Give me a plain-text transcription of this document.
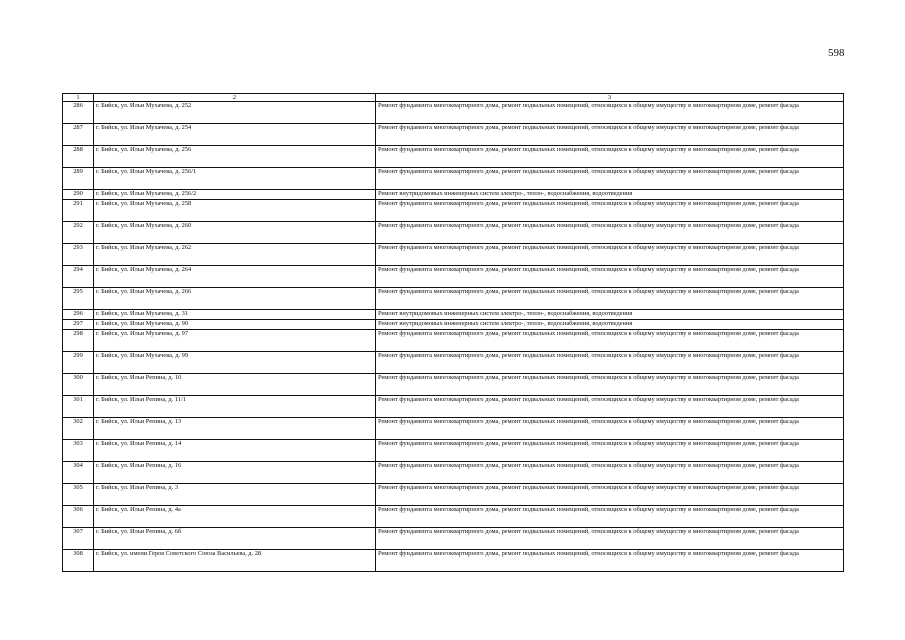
598
1	2	3
286	г. Бийск, ул. Ильи Мухачева, д. 252	Ремонт фундамента многоквартирного дома, ремонт подвальных помещений, относящихся к общему имуществу в многоквартирном доме, ремонт фасада
287	г. Бийск, ул. Ильи Мухачева, д. 254	Ремонт фундамента многоквартирного дома, ремонт подвальных помещений, относящихся к общему имуществу в многоквартирном доме, ремонт фасада
288	г. Бийск, ул. Ильи Мухачева, д. 256	Ремонт фундамента многоквартирного дома, ремонт подвальных помещений, относящихся к общему имуществу в многоквартирном доме, ремонт фасада
289	г. Бийск, ул. Ильи Мухачева, д. 256/1	Ремонт фундамента многоквартирного дома, ремонт подвальных помещений, относящихся к общему имуществу в многоквартирном доме, ремонт фасада
290	г. Бийск, ул. Ильи Мухачева, д. 256/2	Ремонт внутридомовых инженерных систем электро-, тепло-, водоснабжения, водоотведения
291	г. Бийск, ул. Ильи Мухачева, д. 258	Ремонт фундамента многоквартирного дома, ремонт подвальных помещений, относящихся к общему имуществу в многоквартирном доме, ремонт фасада
292	г. Бийск, ул. Ильи Мухачева, д. 260	Ремонт фундамента многоквартирного дома, ремонт подвальных помещений, относящихся к общему имуществу в многоквартирном доме, ремонт фасада
293	г. Бийск, ул. Ильи Мухачева, д. 262	Ремонт фундамента многоквартирного дома, ремонт подвальных помещений, относящихся к общему имуществу в многоквартирном доме, ремонт фасада
294	г. Бийск, ул. Ильи Мухачева, д. 264	Ремонт фундамента многоквартирного дома, ремонт подвальных помещений, относящихся к общему имуществу в многоквартирном доме, ремонт фасада
295	г. Бийск, ул. Ильи Мухачева, д. 266	Ремонт фундамента многоквартирного дома, ремонт подвальных помещений, относящихся к общему имуществу в многоквартирном доме, ремонт фасада
296	г. Бийск, ул. Ильи Мухачева, д. 31	Ремонт внутридомовых инженерных систем электро-, тепло-, водоснабжения, водоотведения
297	г. Бийск, ул. Ильи Мухачева, д. 90	Ремонт внутридомовых инженерных систем электро-, тепло-, водоснабжения, водоотведения
298	г. Бийск, ул. Ильи Мухачева, д. 97	Ремонт фундамента многоквартирного дома, ремонт подвальных помещений, относящихся к общему имуществу в многоквартирном доме, ремонт фасада
299	г. Бийск, ул. Ильи Мухачева, д. 99	Ремонт фундамента многоквартирного дома, ремонт подвальных помещений, относящихся к общему имуществу в многоквартирном доме, ремонт фасада
300	г. Бийск, ул. Ильи Репина, д. 10	Ремонт фундамента многоквартирного дома, ремонт подвальных помещений, относящихся к общему имуществу в многоквартирном доме, ремонт фасада
301	г. Бийск, ул. Ильи Репина, д. 11/1	Ремонт фундамента многоквартирного дома, ремонт подвальных помещений, относящихся к общему имуществу в многоквартирном доме, ремонт фасада
302	г. Бийск, ул. Ильи Репина, д. 13	Ремонт фундамента многоквартирного дома, ремонт подвальных помещений, относящихся к общему имуществу в многоквартирном доме, ремонт фасада
303	г. Бийск, ул. Ильи Репина, д. 14	Ремонт фундамента многоквартирного дома, ремонт подвальных помещений, относящихся к общему имуществу в многоквартирном доме, ремонт фасада
304	г. Бийск, ул. Ильи Репина, д. 16	Ремонт фундамента многоквартирного дома, ремонт подвальных помещений, относящихся к общему имуществу в многоквартирном доме, ремонт фасада
305	г. Бийск, ул. Ильи Репина, д. 3	Ремонт фундамента многоквартирного дома, ремонт подвальных помещений, относящихся к общему имуществу в многоквартирном доме, ремонт фасада
306	г. Бийск, ул. Ильи Репина, д. 4а	Ремонт фундамента многоквартирного дома, ремонт подвальных помещений, относящихся к общему имуществу в многоквартирном доме, ремонт фасада
307	г. Бийск, ул. Ильи Репина, д. 6б	Ремонт фундамента многоквартирного дома, ремонт подвальных помещений, относящихся к общему имуществу в многоквартирном доме, ремонт фасада
308	г. Бийск, ул. имени Героя Советского Союза Васильева, д. 28	Ремонт фундамента многоквартирного дома, ремонт подвальных помещений, относящихся к общему имуществу в многоквартирном доме, ремонт фасада
